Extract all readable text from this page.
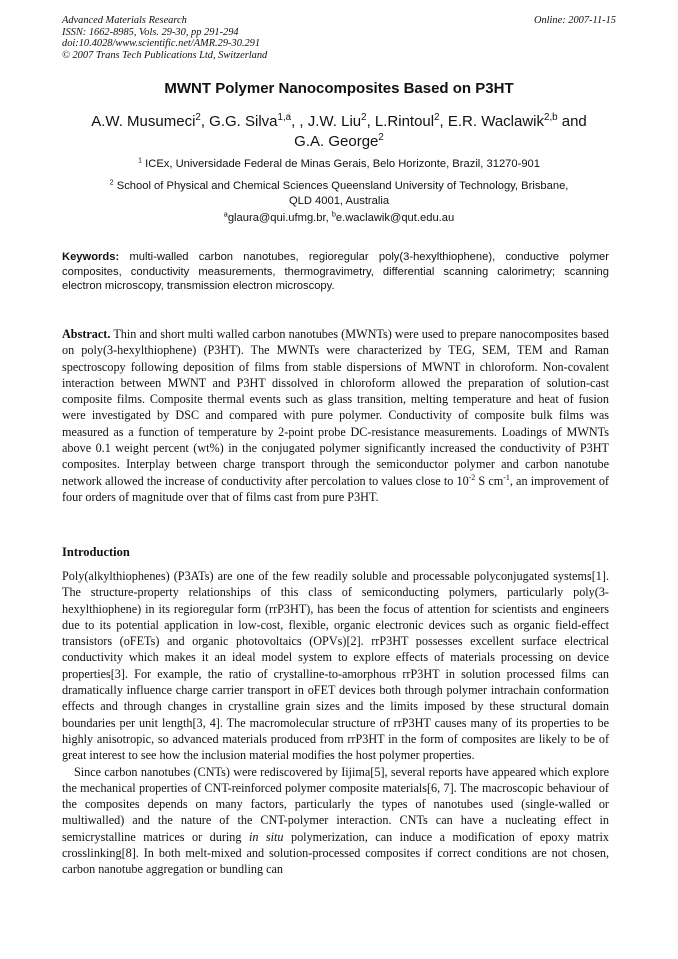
Advanced Materials Research
ISSN: 1662-8985, Vols. 29-30, pp 291-294
doi:10.4028/www.scientific.net/AMR.29-30.291
© 2007 Trans Tech Publications Ltd, Switzerland
Online: 2007-11-15
MWNT Polymer Nanocomposites Based on P3HT
A.W. Musumeci$^2$, G.G. Silva$^{1,a}$, , J.W. Liu$^2$, L.Rintoul$^2$, E.R. Waclawik$^{2,b}$ and
G.A. George$^2$
$^1$ ICEx, Universidade Federal de Minas Gerais, Belo Horizonte, Brazil, 31270-901
$^2$ School of Physical and Chemical Sciences Queensland University of Technology, Brisbane,
QLD 4001, Australia
$^a$glaura@qui.ufmg.br, $^b$e.waclawik@qut.edu.au
Keywords: multi-walled carbon nanotubes, regioregular poly(3-hexylthiophene), conductive polymer composites, conductivity measurements, thermogravimetry, differential scanning calorimetry; scanning electron microscopy, transmission electron microscopy.
Abstract. Thin and short multi walled carbon nanotubes (MWNTs) were used to prepare nanocomposites based on poly(3-hexylthiophene) (P3HT). The MWNTs were characterized by TEG, SEM, TEM and Raman spectroscopy following deposition of films from stable dispersions of MWNT in chloroform. Non-covalent interaction between MWNT and P3HT dissolved in chloroform allowed the preparation of solution-cast composite films. Composite thermal events such as glass transition, melting temperature and heat of fusion were investigated by DSC and compared with pure polymer. Conductivity of composite bulk films was measured as a function of temperature by 2-point probe DC-resistance measurements. Loadings of MWNTs above 0.1 weight percent (wt%) in the conjugated polymer significantly increased the conductivity of P3HT composites. Interplay between charge transport through the semiconductor polymer and carbon nanotube network allowed the increase of conductivity after percolation to values close to $10^{-2}$ S $cm^{-1}$, an improvement of four orders of magnitude over that of films cast from pure P3HT.
Introduction

Poly(alkylthiophenes) (P3ATs) are one of the few readily soluble and processable polyconjugated systems[1]. The structure-property relationships of this class of semiconducting polymers, particularly poly(3-hexylthiophene) in its regioregular form (rrP3HT), has been the focus of attention for scientists and engineers due to its potential application in low-cost, flexible, organic electronic devices such as organic field-effect transistors (oFETs) and organic photovoltaics (OPVs)[2]. rrP3HT possesses excellent surface electrical conductivity which makes it an ideal model system to explore effects of materials processing on device properties[3]. For example, the ratio of crystalline-to-amorphous rrP3HT in solution processed films can dramatically influence charge carrier transport in oFET devices both through polymer intrachain conformation effects and through changes in crystalline grain sizes and the limits imposed by these structural domain boundaries per unit length[3, 4]. The macromolecular structure of rrP3HT causes many of its properties to be highly anisotropic, so advanced materials produced from rrP3HT in the form of composites are likely to be of great interest to see how the inclusion material modifies the host polymer properties.

Since carbon nanotubes (CNTs) were rediscovered by Iijima[5], several reports have appeared which explore the mechanical properties of CNT-reinforced polymer composite materials[6, 7]. The macroscopic behaviour of the composites depends on many factors, particularly the types of nanotubes used (single-walled or multiwalled) and the nature of the CNT-polymer interaction. CNTs can have a nucleating effect in semicrystalline matrices or during in situ polymerization, can induce a modification of epoxy matrix crosslinking[8]. In both melt-mixed and solution-processed composites if correct conditions are not chosen, carbon nanotube aggregation or bundling can
